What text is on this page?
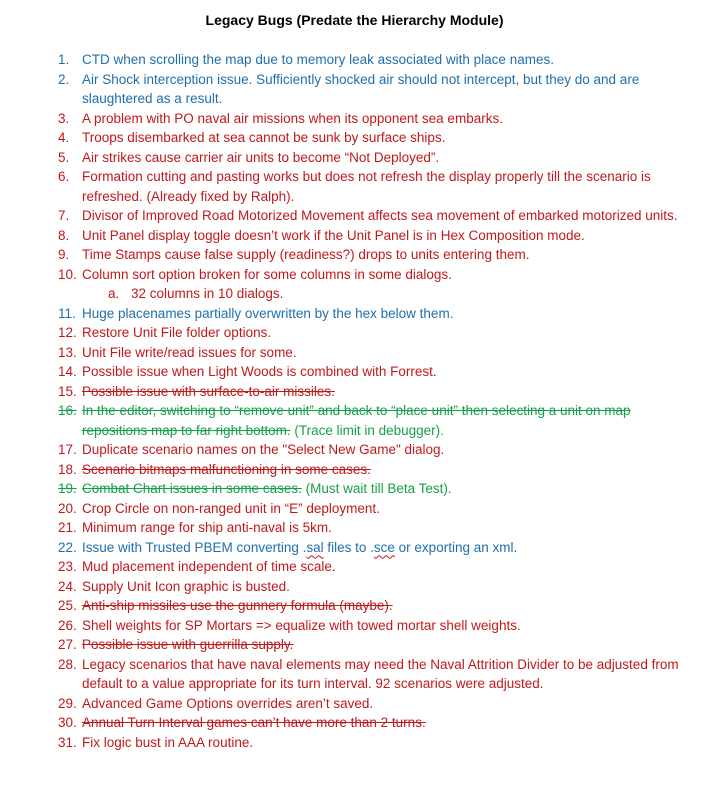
Legacy Bugs (Predate the Hierarchy Module)
1. CTD when scrolling the map due to memory leak associated with place names.
2. Air Shock interception issue. Sufficiently shocked air should not intercept, but they do and are slaughtered as a result.
3. A problem with PO naval air missions when its opponent sea embarks.
4. Troops disembarked at sea cannot be sunk by surface ships.
5. Air strikes cause carrier air units to become “Not Deployed”.
6. Formation cutting and pasting works but does not refresh the display properly till the scenario is refreshed. (Already fixed by Ralph).
7. Divisor of Improved Road Motorized Movement affects sea movement of embarked motorized units.
8. Unit Panel display toggle doesn’t work if the Unit Panel is in Hex Composition mode.
9. Time Stamps cause false supply (readiness?) drops to units entering them.
10. Column sort option broken for some columns in some dialogs.
a. 32 columns in 10 dialogs.
11. Huge placenames partially overwritten by the hex below them.
12. Restore Unit File folder options.
13. Unit File write/read issues for some.
14. Possible issue when Light Woods is combined with Forrest.
15. Possible issue with surface-to-air missiles.
16. In the editor, switching to “remove unit” and back to “place unit” then selecting a unit on map repositions map to far right bottom. (Trace limit in debugger).
17. Duplicate scenario names on the "Select New Game" dialog.
18. Scenario bitmaps malfunctioning in some cases.
19. Combat Chart issues in some cases. (Must wait till Beta Test).
20. Crop Circle on non-ranged unit in “E” deployment.
21. Minimum range for ship anti-naval is 5km.
22. Issue with Trusted PBEM converting .sal files to .sce or exporting an xml.
23. Mud placement independent of time scale.
24. Supply Unit Icon graphic is busted.
25. Anti-ship missiles use the gunnery formula (maybe).
26. Shell weights for SP Mortars => equalize with towed mortar shell weights.
27. Possible issue with guerrilla supply.
28. Legacy scenarios that have naval elements may need the Naval Attrition Divider to be adjusted from default to a value appropriate for its turn interval. 92 scenarios were adjusted.
29. Advanced Game Options overrides aren’t saved.
30. Annual Turn Interval games can’t have more than 2 turns.
31. Fix logic bust in AAA routine.
